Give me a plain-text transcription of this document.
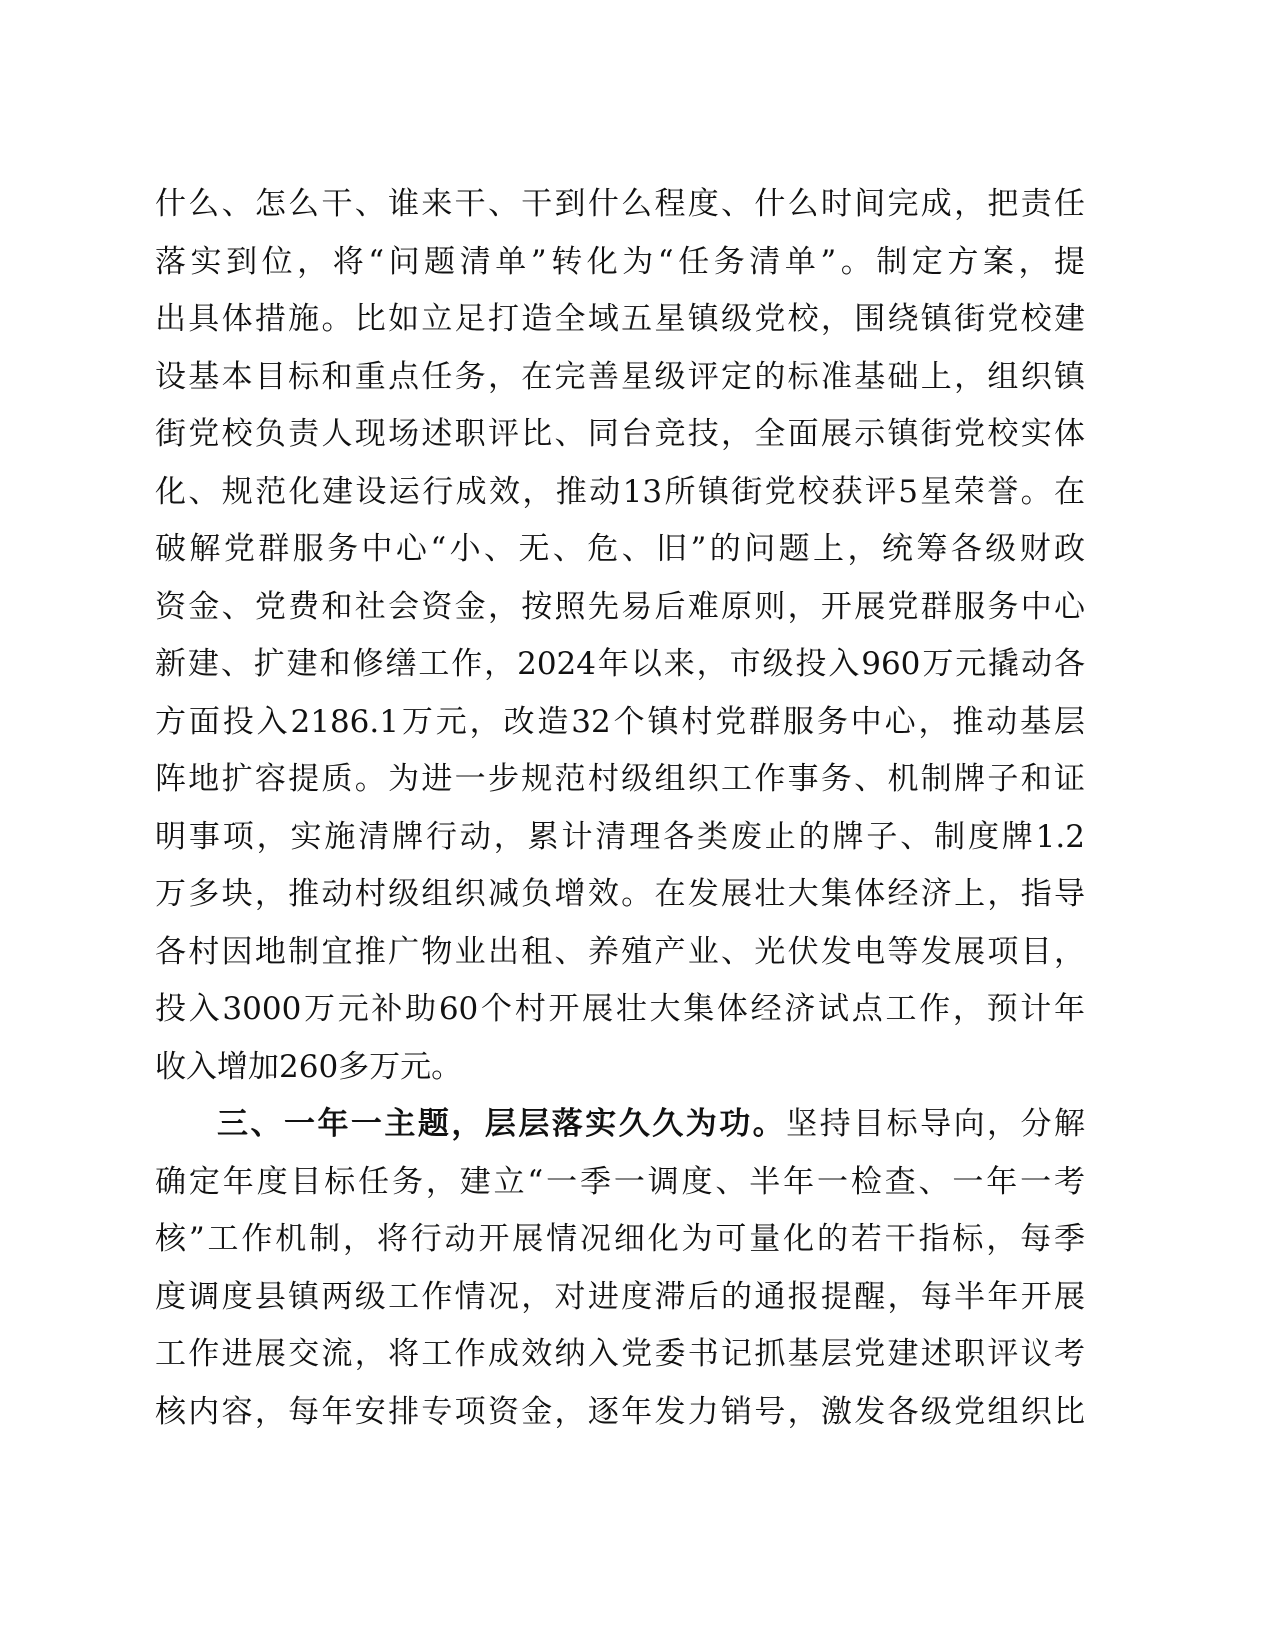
什么、怎么干、谁来干、干到什么程度、什么时间完成，把责任
落实到位，将“问题清单”转化为“任务清单”。制定方案，提
出具体措施。比如立足打造全域五星镇级党校，围绕镇街党校建
设基本目标和重点任务，在完善星级评定的标准基础上，组织镇
街党校负责人现场述职评比、同台竞技，全面展示镇街党校实体
化、规范化建设运行成效，推动13所镇街党校获评5星荣誉。在
破解党群服务中心“小、无、危、旧”的问题上，统筹各级财政
资金、党费和社会资金，按照先易后难原则，开展党群服务中心
新建、扩建和修缮工作，2024年以来，市级投入960万元撬动各
方面投入2186.1万元，改造32个镇村党群服务中心，推动基层
阵地扩容提质。为进一步规范村级组织工作事务、机制牌子和证
明事项，实施清牌行动，累计清理各类废止的牌子、制度牌1.2
万多块，推动村级组织减负增效。在发展壮大集体经济上，指导
各村因地制宜推广物业出租、养殖产业、光伏发电等发展项目，
投入3000万元补助60个村开展壮大集体经济试点工作，预计年
收入增加260多万元。
三、一年一主题，层层落实久久为功。坚持目标导向，分解
确定年度目标任务，建立“一季一调度、半年一检查、一年一考
核”工作机制，将行动开展情况细化为可量化的若干指标，每季
度调度县镇两级工作情况，对进度滞后的通报提醒，每半年开展
工作进展交流，将工作成效纳入党委书记抓基层党建述职评议考
核内容，每年安排专项资金，逐年发力销号，激发各级党组织比
